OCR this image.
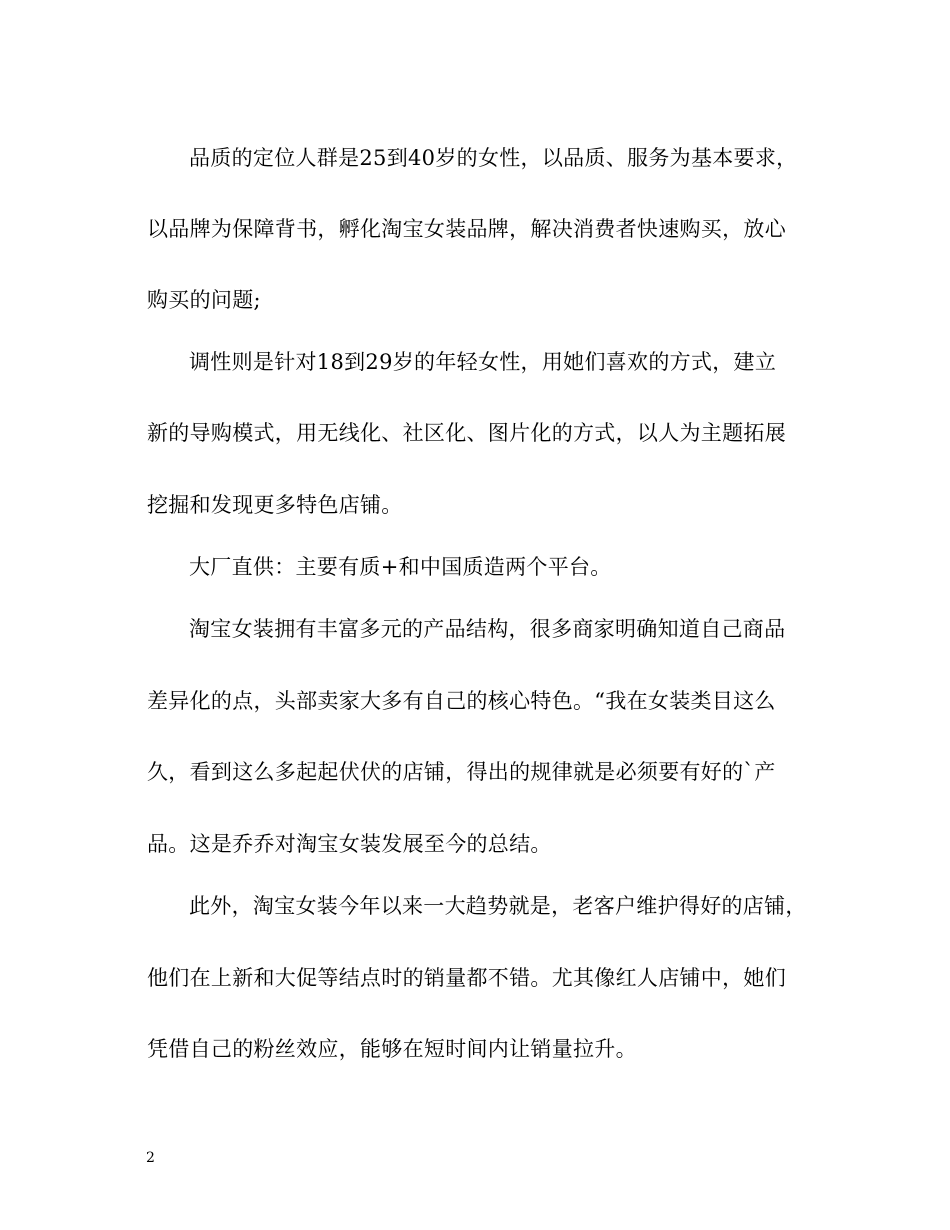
品质的定位人群是25到40岁的女性，以品质、服务为基本要求，
以品牌为保障背书，孵化淘宝女装品牌，解决消费者快速购买，放心
购买的问题;
调性则是针对18到29岁的年轻女性，用她们喜欢的方式，建立
新的导购模式，用无线化、社区化、图片化的方式，以人为主题拓展
挖掘和发现更多特色店铺。
大厂直供：主要有质+和中国质造两个平台。
淘宝女装拥有丰富多元的产品结构，很多商家明确知道自己商品
差异化的点，头部卖家大多有自己的核心特色。“我在女装类目这么
久，看到这么多起起伏伏的店铺，得出的规律就是必须要有好的`产
品。这是乔乔对淘宝女装发展至今的总结。
此外，淘宝女装今年以来一大趋势就是，老客户维护得好的店铺，
他们在上新和大促等结点时的销量都不错。尤其像红人店铺中，她们
凭借自己的粉丝效应，能够在短时间内让销量拉升。
2
